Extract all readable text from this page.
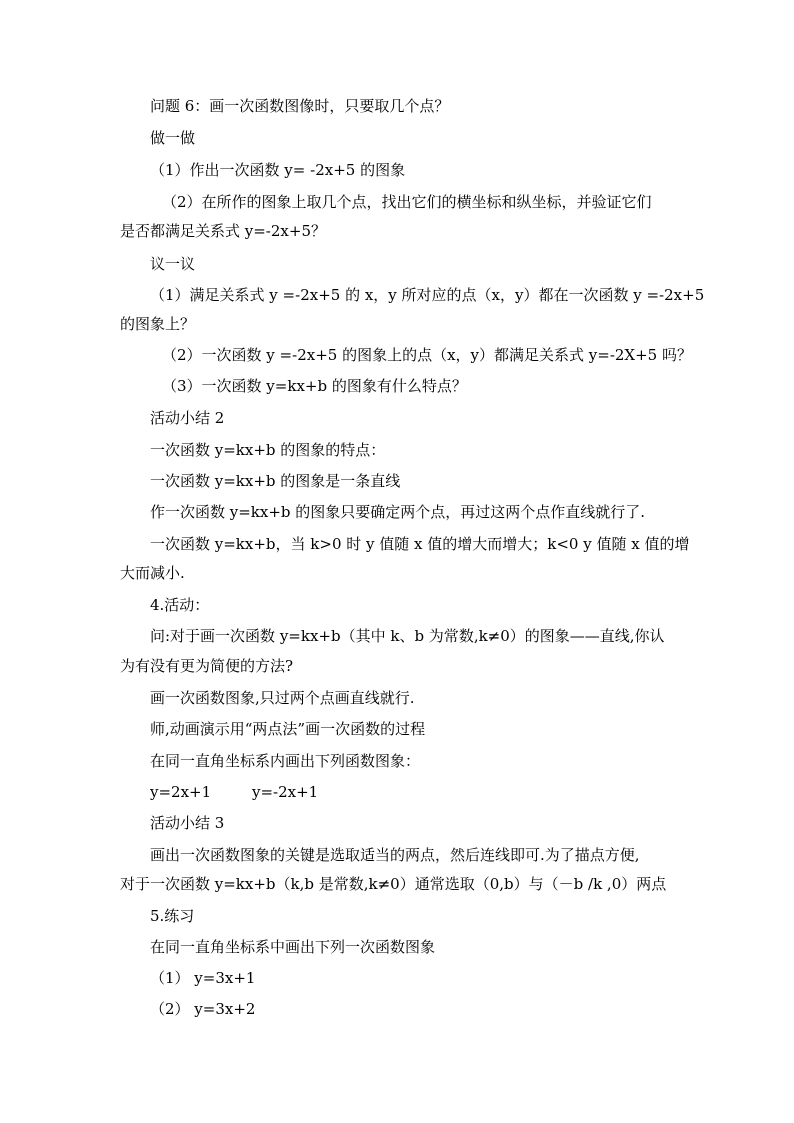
问题 6：画一次函数图像时，只要取几个点？
做一做
（1）作出一次函数 y= -2x+5 的图象
（2）在所作的图象上取几个点，找出它们的横坐标和纵坐标，并验证它们
是否都满足关系式 y=-2x+5？
议一议
（1）满足关系式 y =-2x+5 的 x，y 所对应的点（x，y）都在一次函数 y =-2x+5
的图象上？
（2）一次函数 y =-2x+5 的图象上的点（x，y）都满足关系式 y=-2X+5 吗？
（3）一次函数 y=kx+b 的图象有什么特点？
活动小结 2
一次函数 y=kx+b 的图象的特点：
一次函数 y=kx+b 的图象是一条直线
作一次函数 y=kx+b 的图象只要确定两个点，再过这两个点作直线就行了.
一次函数 y=kx+b，当 k>0 时 y 值随 x 值的增大而增大；k<0 y 值随 x 值的增
大而减小.
4.活动：
问:对于画一次函数 y=kx+b（其中 k、b 为常数,k≠0）的图象——直线,你认
为有没有更为简便的方法?
画一次函数图象,只过两个点画直线就行.
师,动画演示用“两点法”画一次函数的过程
在同一直角坐标系内画出下列函数图象：
y=2x+1	y=-2x+1
活动小结 3
画出一次函数图象的关键是选取适当的两点，然后连线即可.为了描点方便,
对于一次函数 y=kx+b（k,b 是常数,k≠0）通常选取（0,b）与（－b /k ,0）两点
5.练习
在同一直角坐标系中画出下列一次函数图象
（1） y=3x+1
（2） y=3x+2
